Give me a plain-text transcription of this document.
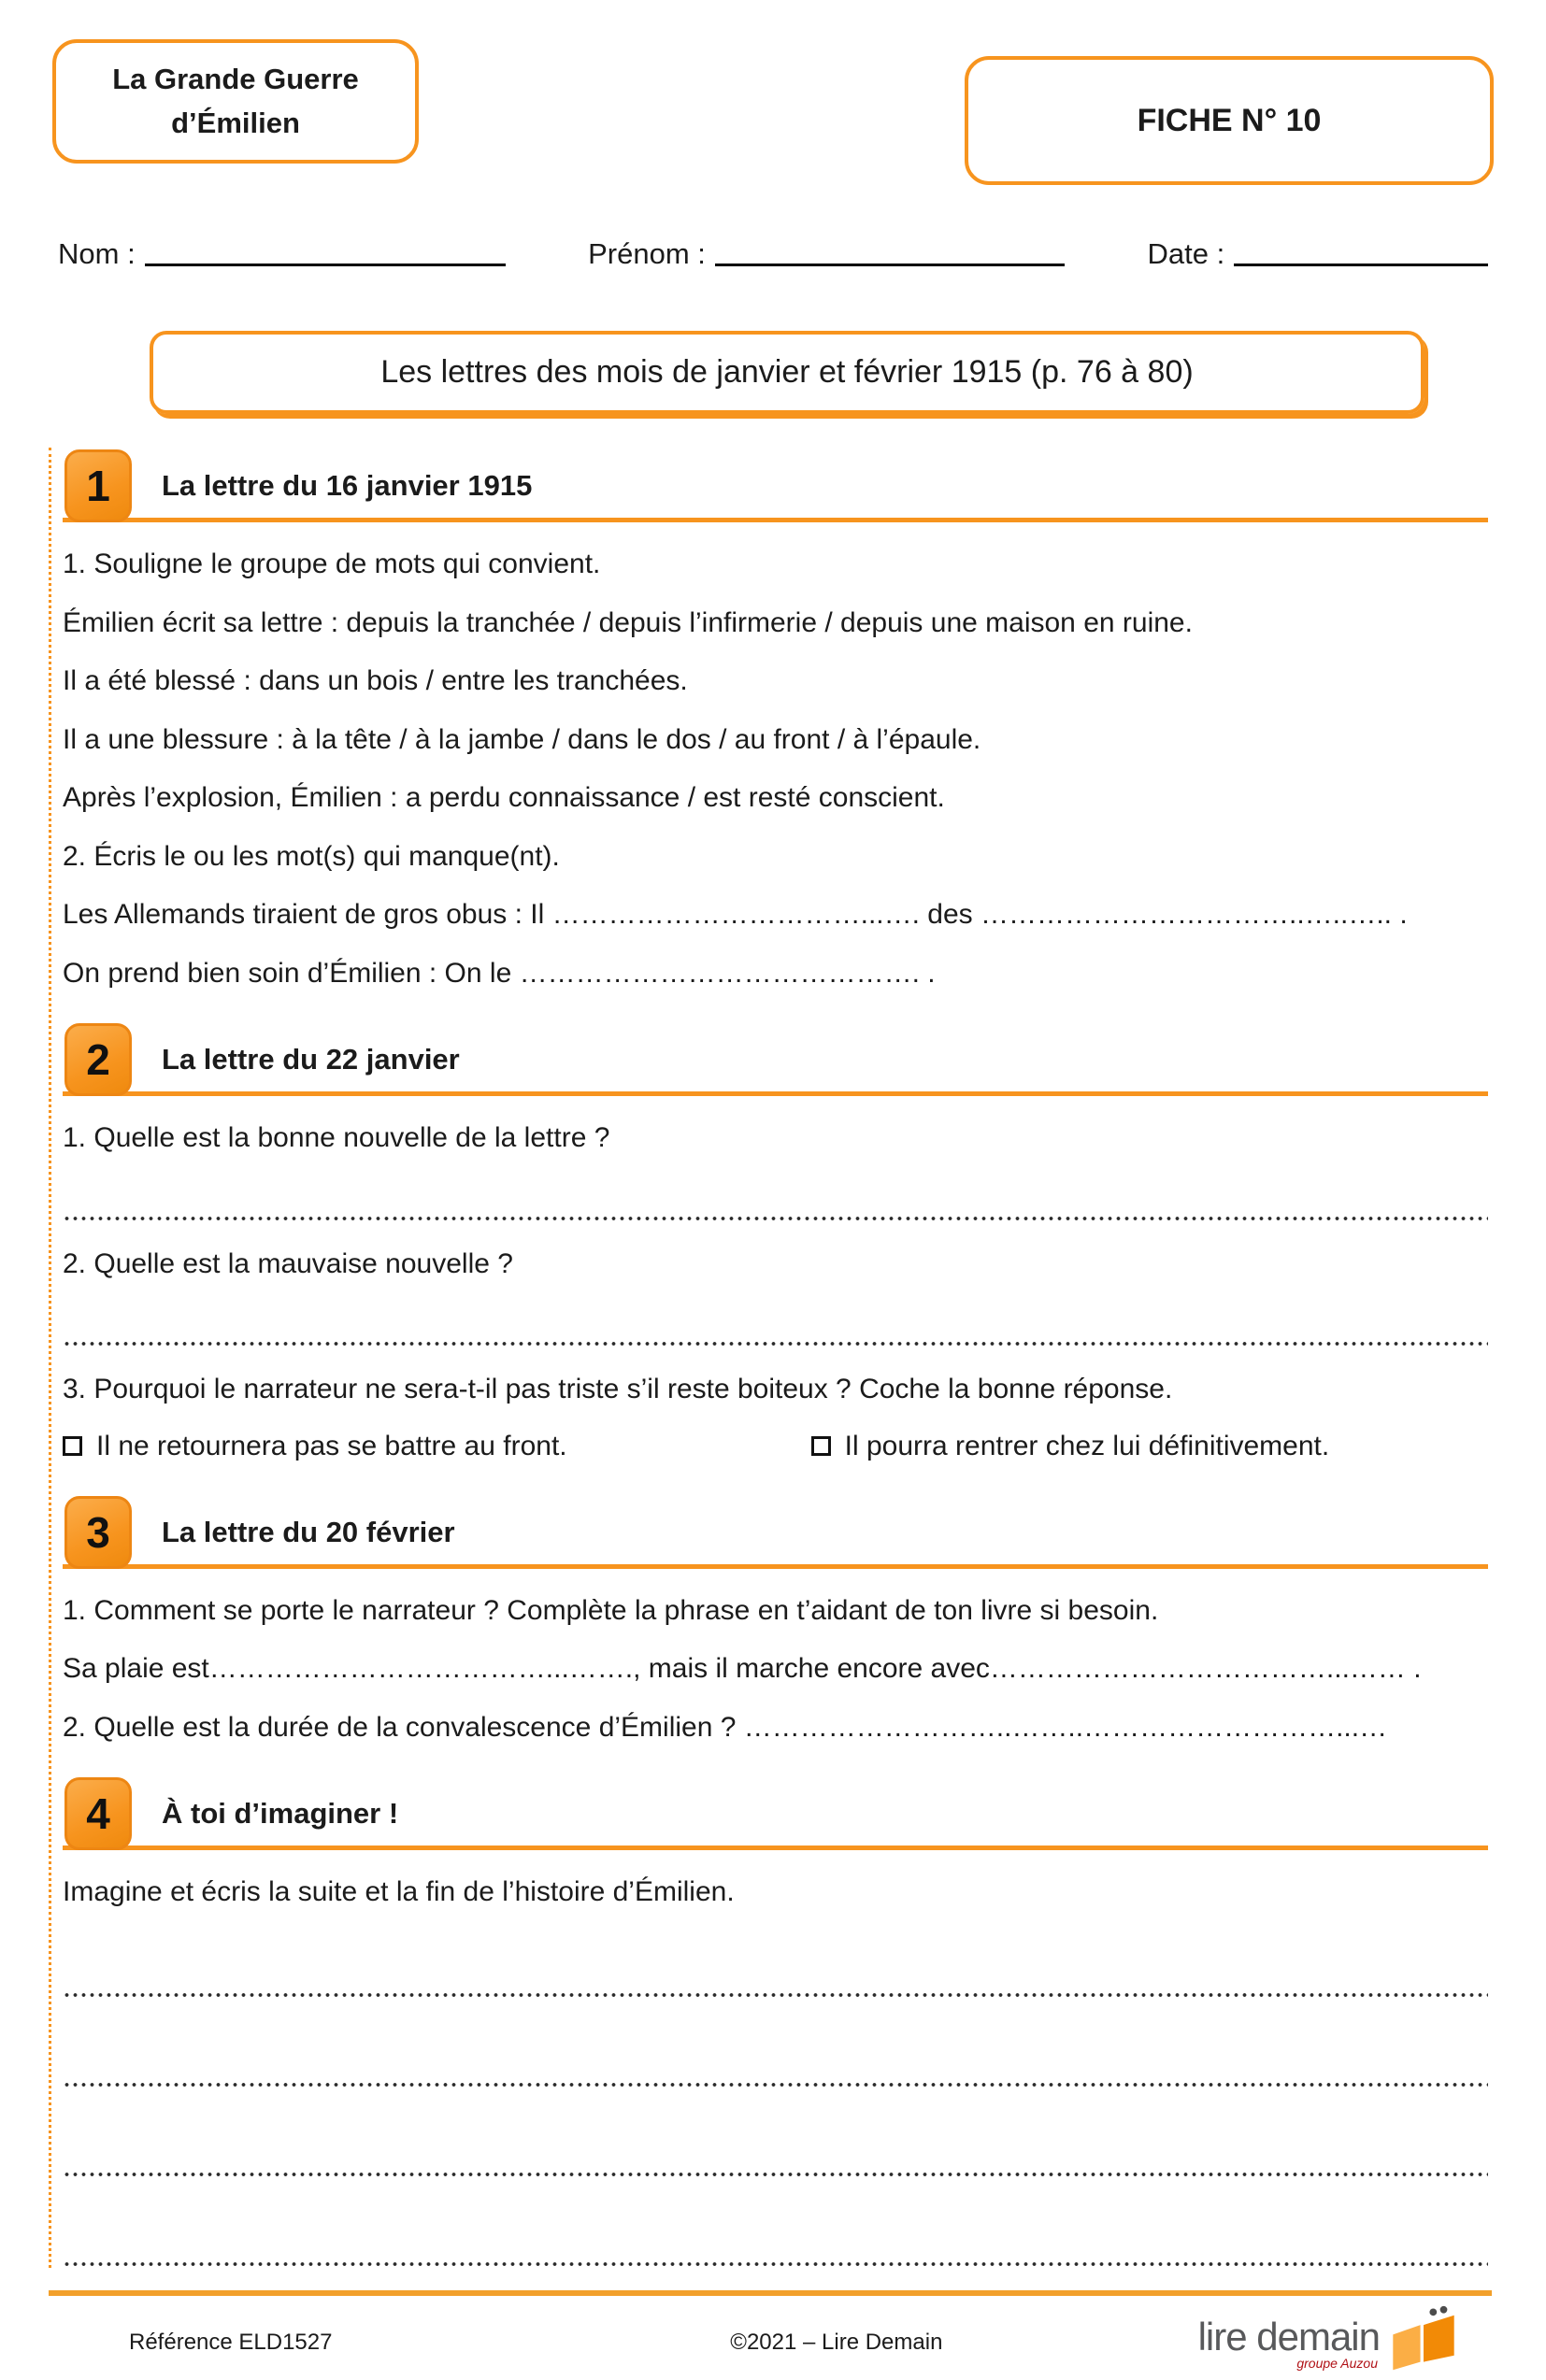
La Grande Guerre
d’Émilien	FICHE N° 10
Nom :	Prénom :	Date :
Les lettres des mois de janvier et février 1915 (p. 76 à 80)
1 La lettre du 16 janvier 1915

1. Souligne le groupe de mots qui convient.

Émilien écrit sa lettre : depuis la tranchée / depuis l’infirmerie / depuis une maison en ruine.

Il a été blessé : dans un bois / entre les tranchées.

Il a une blessure : à la tête / à la jambe / dans le dos / au front / à l’épaule.

Après l’explosion, Émilien : a perdu connaissance / est resté conscient.

2. Écris le ou les mot(s) qui manque(nt).

Les Allemands tiraient de gros obus : Il ……………………………...…. des ……………………………..…..….. .

On prend bien soin d’Émilien : On le ……………………………………. .

2 La lettre du 22 janvier

1. Quelle est la bonne nouvelle de la lettre ?

2. Quelle est la mauvaise nouvelle ?

3. Pourquoi le narrateur ne sera-t-il pas triste s’il reste boiteux ? Coche la bonne réponse.

Il ne retournera pas se battre au front.	Il pourra rentrer chez lui définitivement.
3 La lettre du 20 février

1. Comment se porte le narrateur ? Complète la phrase en t’aidant de ton livre si besoin.

Sa plaie est………………………………...……., mais il marche encore avec………………………………...…… .

2. Quelle est la durée de la convalescence d’Émilien ? ………………………..……..………………………...…

4 À toi d’imaginer !

Imagine et écris la suite et la fin de l’histoire d’Émilien.

Référence ELD1527	©2021 – Lire Demain	lire demain
groupe Auzou
